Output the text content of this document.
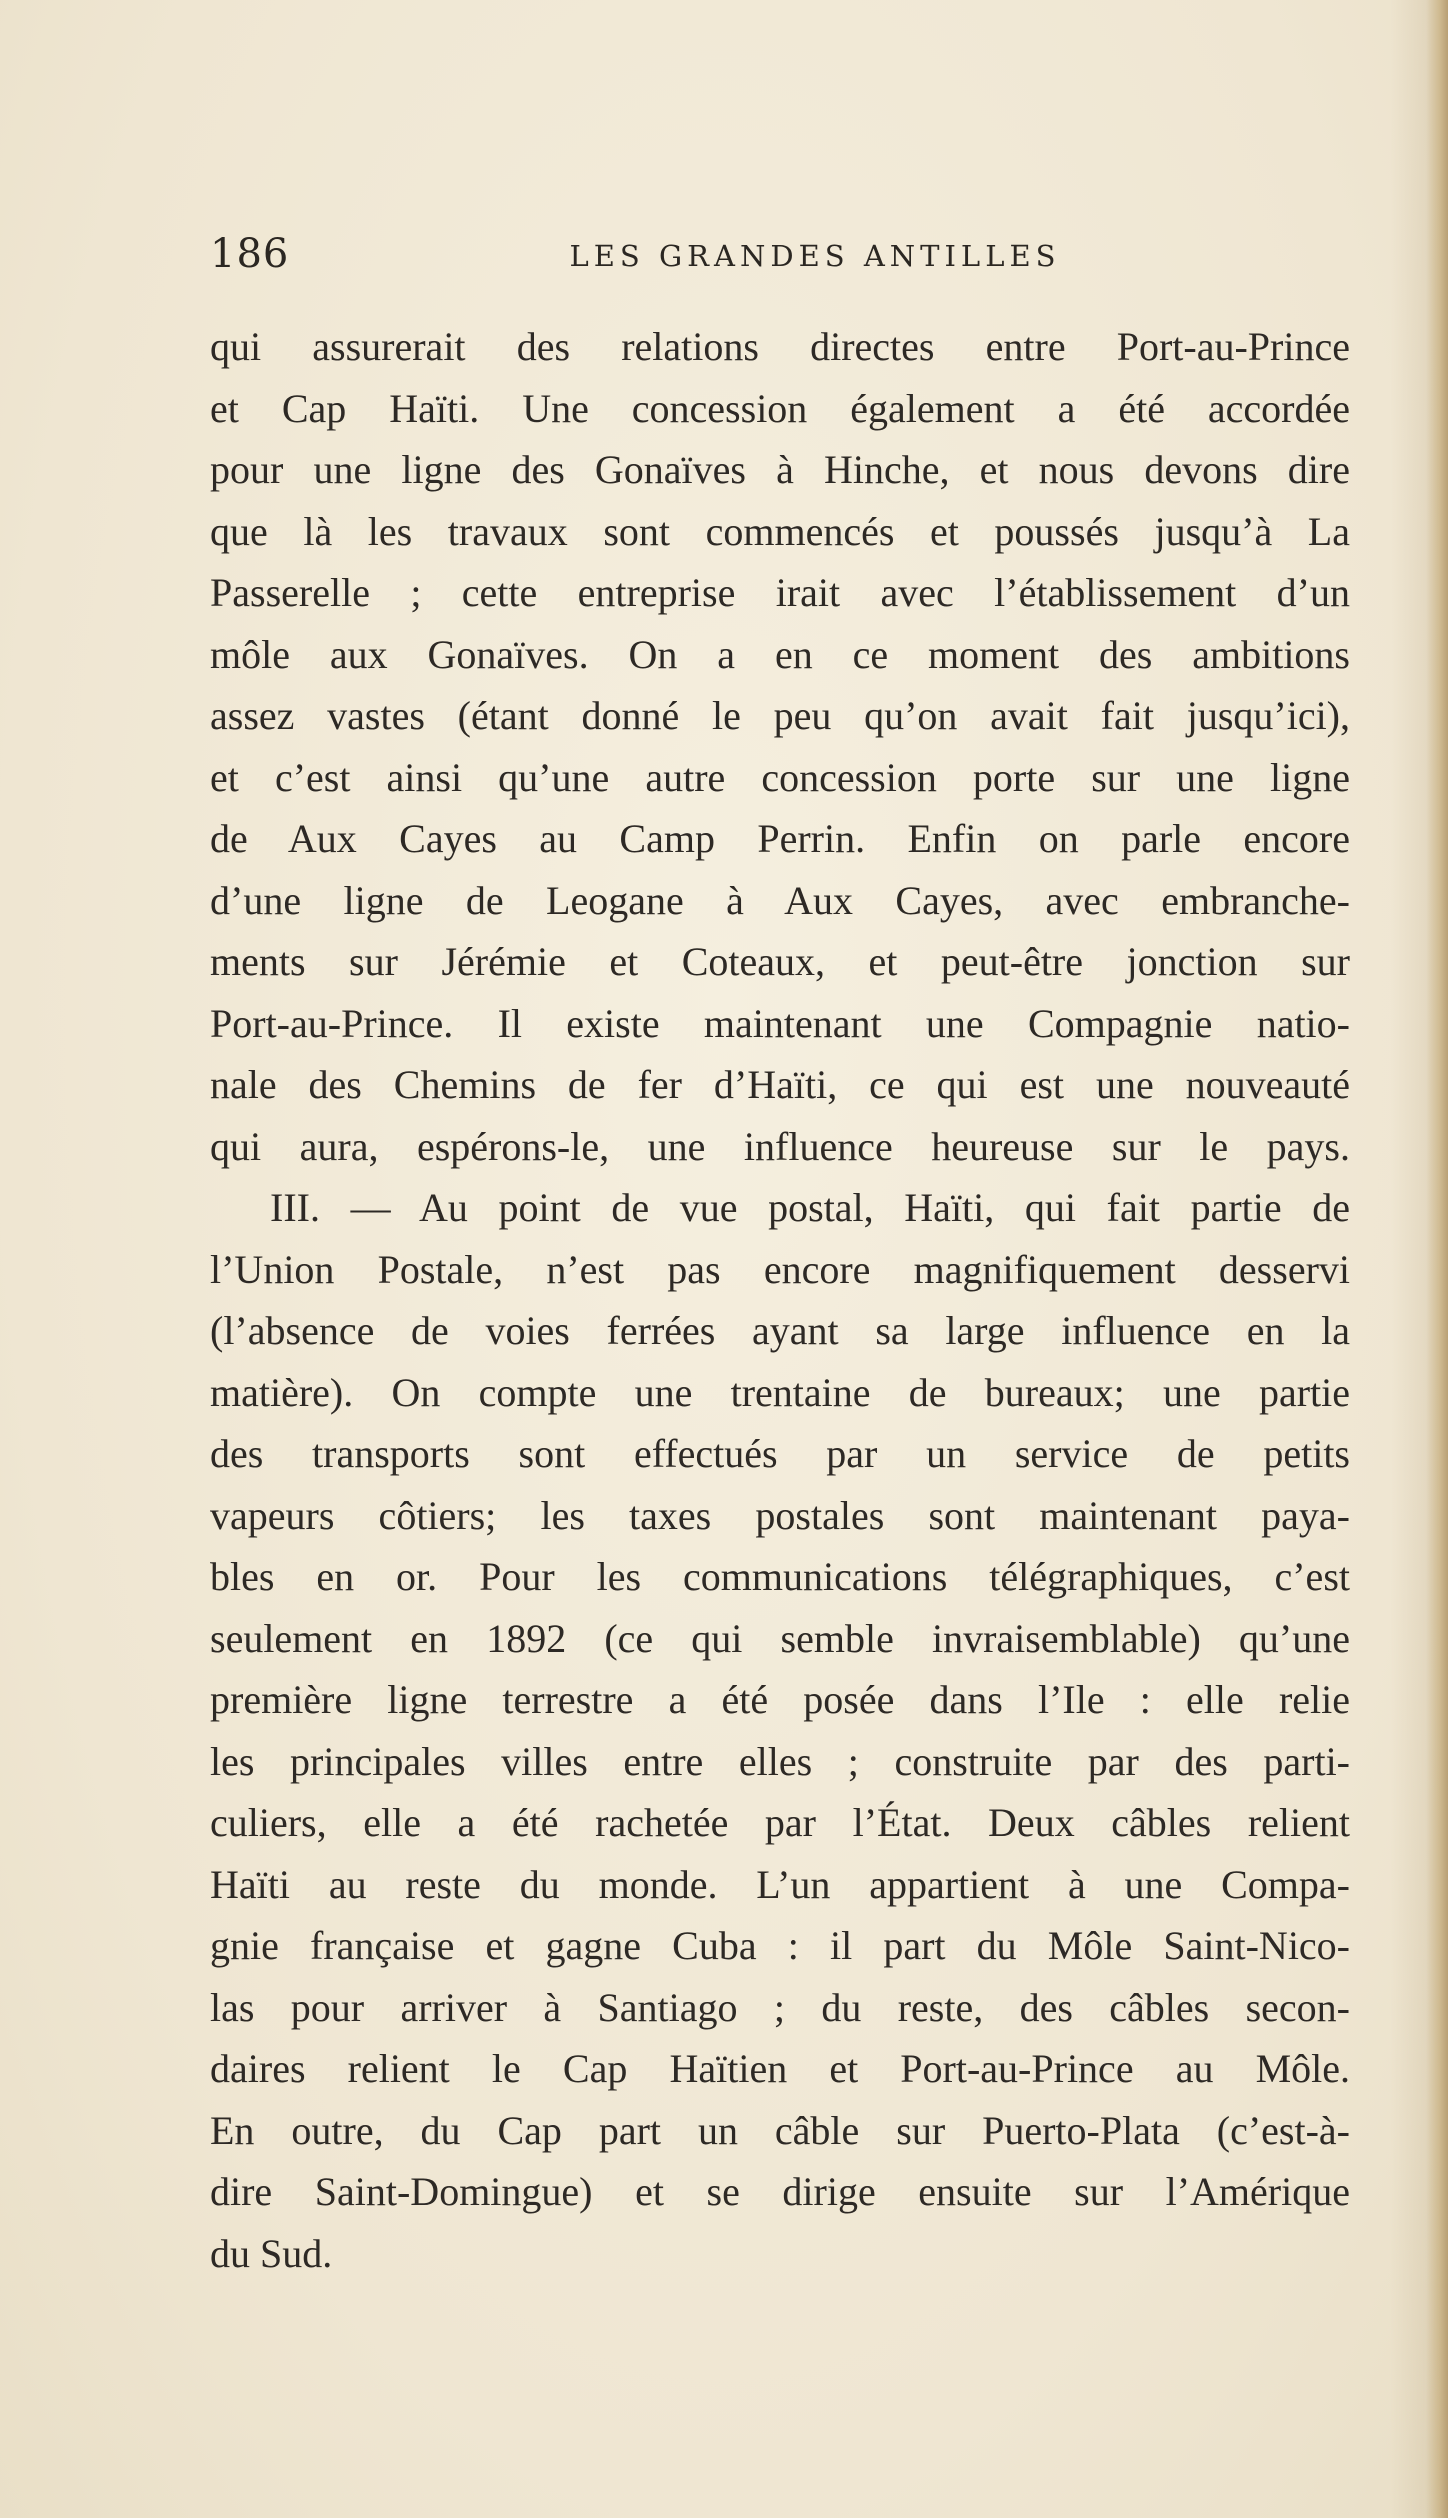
186	LES GRANDES ANTILLES
qui assurerait des relations directes entre Port-au-Prince
et Cap Haïti. Une concession également a été accordée
pour une ligne des Gonaïves à Hinche, et nous devons dire
que là les travaux sont commencés et poussés jusqu’à La
Passerelle ; cette entreprise irait avec l’établissement d’un
môle aux Gonaïves. On a en ce moment des ambitions
assez vastes (étant donné le peu qu’on avait fait jusqu’ici),
et c’est ainsi qu’une autre concession porte sur une ligne
de Aux Cayes au Camp Perrin. Enfin on parle encore
d’une ligne de Leogane à Aux Cayes, avec embranche-
ments sur Jérémie et Coteaux, et peut-être jonction sur
Port-au-Prince. Il existe maintenant une Compagnie natio-
nale des Chemins de fer d’Haïti, ce qui est une nouveauté
qui aura, espérons-le, une influence heureuse sur le pays.
III. — Au point de vue postal, Haïti, qui fait partie de
l’Union Postale, n’est pas encore magnifiquement desservi
(l’absence de voies ferrées ayant sa large influence en la
matière). On compte une trentaine de bureaux; une partie
des transports sont effectués par un service de petits
vapeurs côtiers; les taxes postales sont maintenant paya-
bles en or. Pour les communications télégraphiques, c’est
seulement en 1892 (ce qui semble invraisemblable) qu’une
première ligne terrestre a été posée dans l’Ile : elle relie
les principales villes entre elles ; construite par des parti-
culiers, elle a été rachetée par l’État. Deux câbles relient
Haïti au reste du monde. L’un appartient à une Compa-
gnie française et gagne Cuba : il part du Môle Saint-Nico-
las pour arriver à Santiago ; du reste, des câbles secon-
daires relient le Cap Haïtien et Port-au-Prince au Môle.
En outre, du Cap part un câble sur Puerto-Plata (c’est-à-
dire Saint-Domingue) et se dirige ensuite sur l’Amérique
du Sud.
